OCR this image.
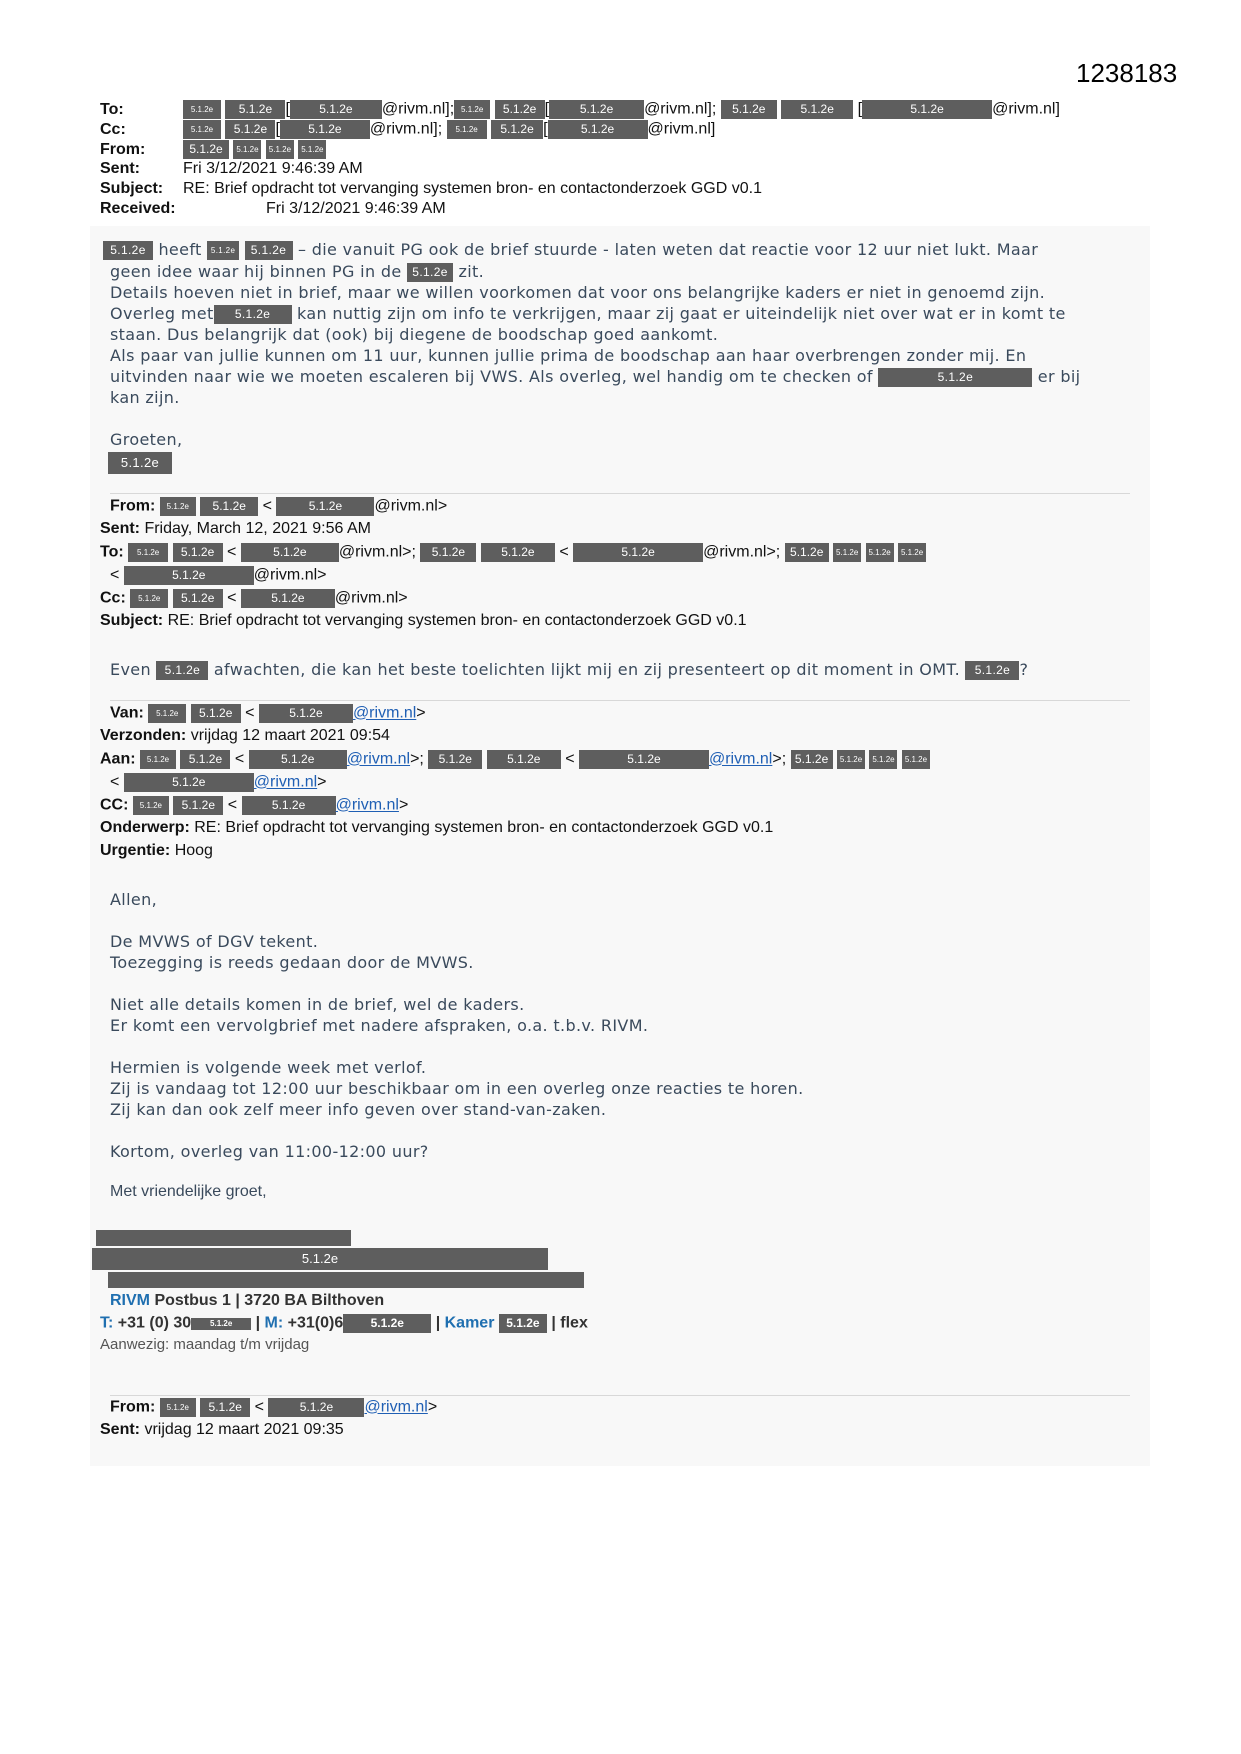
1238183
To:	5.1.2e 5.1.2e [ 5.1.2e @rivm.nl]; 5.1.2e 5.1.2e [	5.1.2e @rivm.nl]; 5.1.2e	5.1.2e [	5.1.2e	@rivm.nl]
Cc:	5.1.2e 5.1.2e [ 5.1.2e @rivm.nl]; 5.1.2e 5.1.2e [	5.1.2e @rivm.nl]
From:	5.1.2e 5.1.2e 5.1.2e 5.1.2e
Sent:	Fri 3/12/2021 9:46:39 AM
Subject: RE: Brief opdracht tot vervanging systemen bron- en contactonderzoek GGD v0.1
Received:	Fri 3/12/2021 9:46:39 AM
5.1.2e heeft 5.1.2e 5.1.2e – die vanuit PG ook de brief stuurde - laten weten dat reactie voor 12 uur niet lukt. Maar
geen idee waar hij binnen PG in de 5.1.2e zit.
Details hoeven niet in brief, maar we willen voorkomen dat voor ons belangrijke kaders er niet in genoemd zijn.
Overleg met 5.1.2e kan nuttig zijn om info te verkrijgen, maar zij gaat er uiteindelijk niet over wat er in komt te
staan. Dus belangrijk dat (ook) bij diegene de boodschap goed aankomt.
Als paar van jullie kunnen om 11 uur, kunnen jullie prima de boodschap aan haar overbrengen zonder mij. En
uitvinden naar wie we moeten escaleren bij VWS. Als overleg, wel handig om te checken of	5.1.2e	er bij
kan zijn.
Groeten,
5.1.2e
From: 5.1.2e 5.1.2e <	5.1.2e @rivm.nl>
Sent: Friday, March 12, 2021 9:56 AM
To: 5.1.2e 5.1.2e <	5.1.2e @rivm.nl>; 5.1.2e	5.1.2e <	5.1.2e	@rivm.nl>; 5.1.2e 5.1.2e 5.1.2e 5.1.2e
<	5.1.2e	@rivm.nl>
Cc: 5.1.2e 5.1.2e <	5.1.2e @rivm.nl>
Subject: RE: Brief opdracht tot vervanging systemen bron- en contactonderzoek GGD v0.1
Even 5.1.2e afwachten, die kan het beste toelichten lijkt mij en zij presenteert op dit moment in OMT. 5.1.2e ?
Van: 5.1.2e 5.1.2e <	5.1.2e @rivm.nl>
Verzonden: vrijdag 12 maart 2021 09:54
Aan: 5.1.2e 5.1.2e <	5.1.2e @rivm.nl>; 5.1.2e	5.1.2e <	5.1.2e	@rivm.nl>; 5.1.2e 5.1.2e 5.1.2e 5.1.2e
<	5.1.2e	@rivm.nl>
CC: 5.1.2e 5.1.2e <	5.1.2e @rivm.nl>
Onderwerp: RE: Brief opdracht tot vervanging systemen bron- en contactonderzoek GGD v0.1
Urgentie: Hoog
Allen,
De MVWS of DGV tekent.
Toezegging is reeds gedaan door de MVWS.
Niet alle details komen in de brief, wel de kaders.
Er komt een vervolgbrief met nadere afspraken, o.a. t.b.v. RIVM.
Hermien is volgende week met verlof.
Zij is vandaag tot 12:00 uur beschikbaar om in een overleg onze reacties te horen.
Zij kan dan ook zelf meer info geven over stand-van-zaken.
Kortom, overleg van 11:00-12:00 uur?
Met vriendelijke groet,
5.1.2e
RIVM Postbus 1 | 3720 BA Bilthoven
T: +31 (0) 30 5.1.2e | M: +31(0)6 5.1.2e | Kamer 5.1.2e | flex
Aanwezig: maandag t/m vrijdag
From: 5.1.2e 5.1.2e <	5.1.2e @rivm.nl>
Sent: vrijdag 12 maart 2021 09:35
